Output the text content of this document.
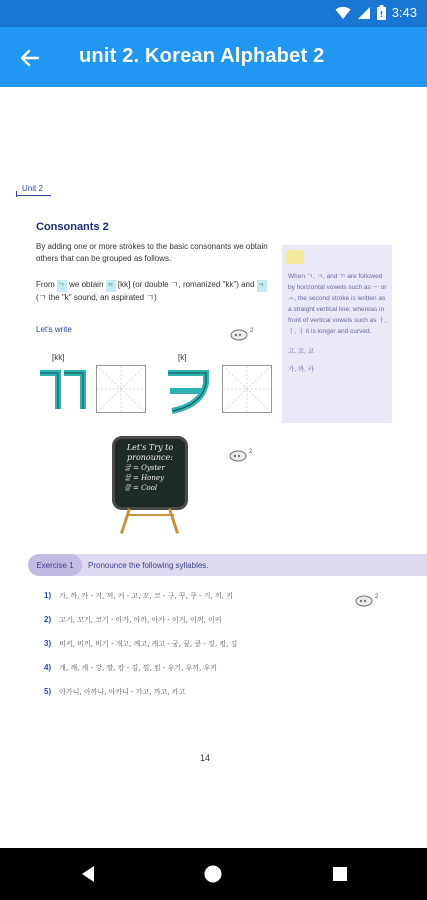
! 3:43
unit 2. Korean Alphabet 2
Unit 2
Consonants 2
By adding one or more strokes to the basic consonants we obtain others that can be grouped as follows.
From ㄱ we obtain ㄲ [kk] (or double ㄱ, romanized "kk") and ㅋ (ㄱ the "k" sound, an aspirated ㄱ)
Let's write	2
[kk]	[k]
When ㄱ, ㅋ, and ㄲ are followed by horizontal vowels such as ㅡ or ㅗ, the second stroke is written as a straight vertical line; whereas in front of vertical vowels such as ㅏ, ㅣ, ㅓ it is longer and curved.
고, 꼬, 코
가, 까, 카
2
Let's Try to
pronounce:
굴 = Oyster
꿀 = Honey
쿨 = Cool
Exercise 1	Pronounce the following syllables.
2
1) 가, 까, 카 - 거, 꺼, 커 - 고, 꼬, 코 - 구, 꾸, 쿠 - 기, 끼, 키
2) 고기, 꼬기, 코기 - 아가, 아까, 아카 - 이거, 이꺼, 이커
3) 비키, 비끼, 비기 - 개고, 깨고, 캐고 - 궁, 꿍, 쿵 - 깅, 킹, 깅
4) 개, 깨, 캐 - 강, 깡, 캉 - 김, 낌, 킴 - 우기, 우끼, 우키
5) 아가니, 아까니, 아카니 - 가고, 까고, 카고
14
